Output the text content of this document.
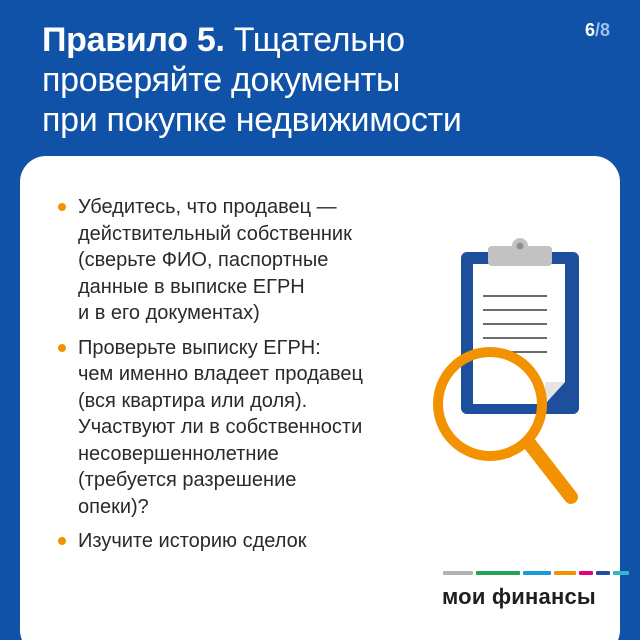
Правило 5. Тщательно
проверяйте документы
при покупке недвижимости
6/8
Убедитесь, что продавец —
действительный собственник
(сверьте ФИО, паспортные
данные в выписке ЕГРН
и в его документах)
Проверьте выписку ЕГРН:
чем именно владеет продавец
(вся квартира или доля).
Участвуют ли в собственности
несовершеннолетние
(требуется разрешение
опеки)?
Изучите историю сделок
мои финансы
